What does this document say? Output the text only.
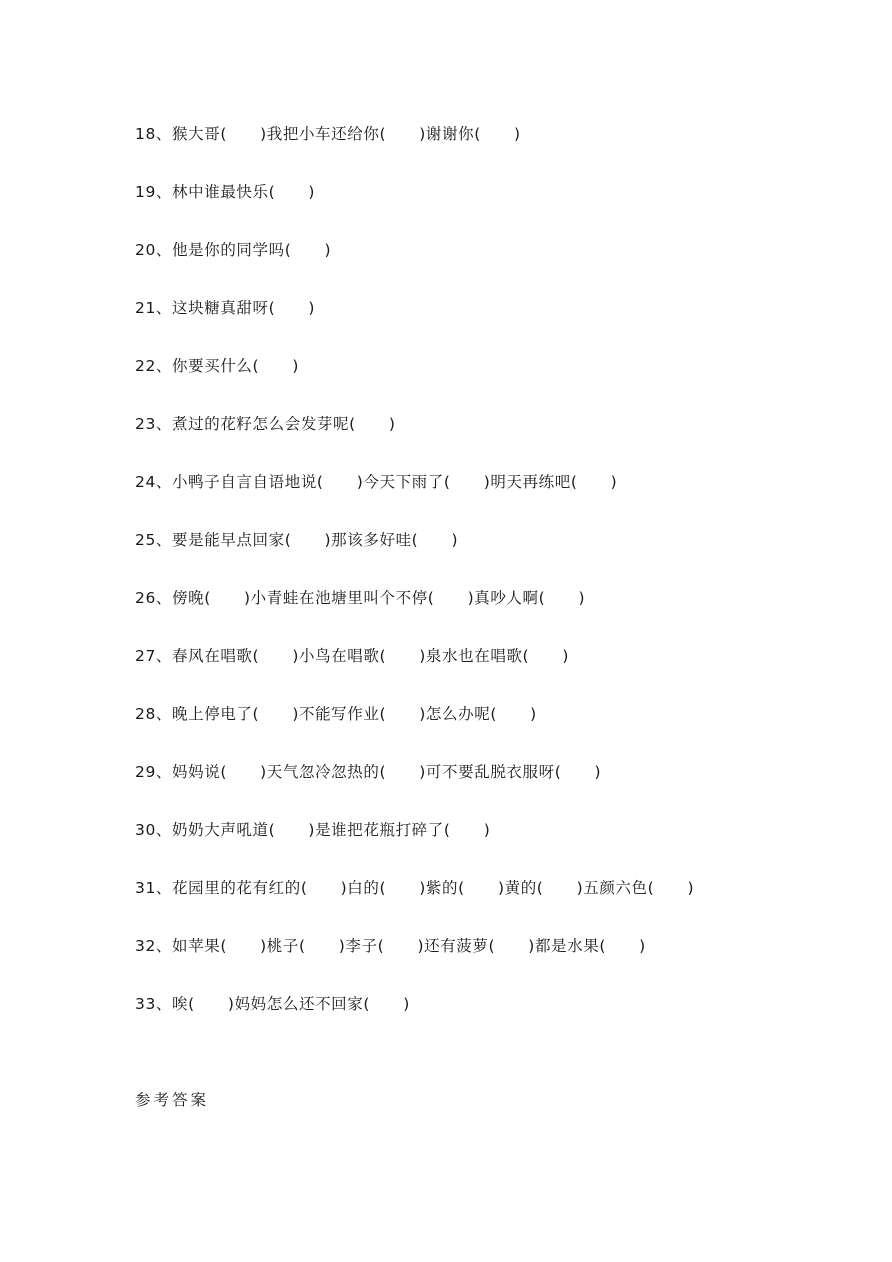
18、猴大哥(      )我把小车还给你(      )谢谢你(      )
19、林中谁最快乐(      )
20、他是你的同学吗(      )
21、这块糖真甜呀(      )
22、你要买什么(      )
23、煮过的花籽怎么会发芽呢(      )
24、小鸭子自言自语地说(      )今天下雨了(      )明天再练吧(      )
25、要是能早点回家(      )那该多好哇(      )
26、傍晚(      )小青蛙在池塘里叫个不停(      )真吵人啊(      )
27、春风在唱歌(      )小鸟在唱歌(      )泉水也在唱歌(      )
28、晚上停电了(      )不能写作业(      )怎么办呢(      )
29、妈妈说(      )天气忽冷忽热的(      )可不要乱脱衣服呀(      )
30、奶奶大声吼道(      )是谁把花瓶打碎了(      )
31、花园里的花有红的(      )白的(      )紫的(      )黄的(      )五颜六色(      )
32、如苹果(      )桃子(      )李子(      )还有菠萝(      )都是水果(      )
33、唉(      )妈妈怎么还不回家(      )
参考答案
